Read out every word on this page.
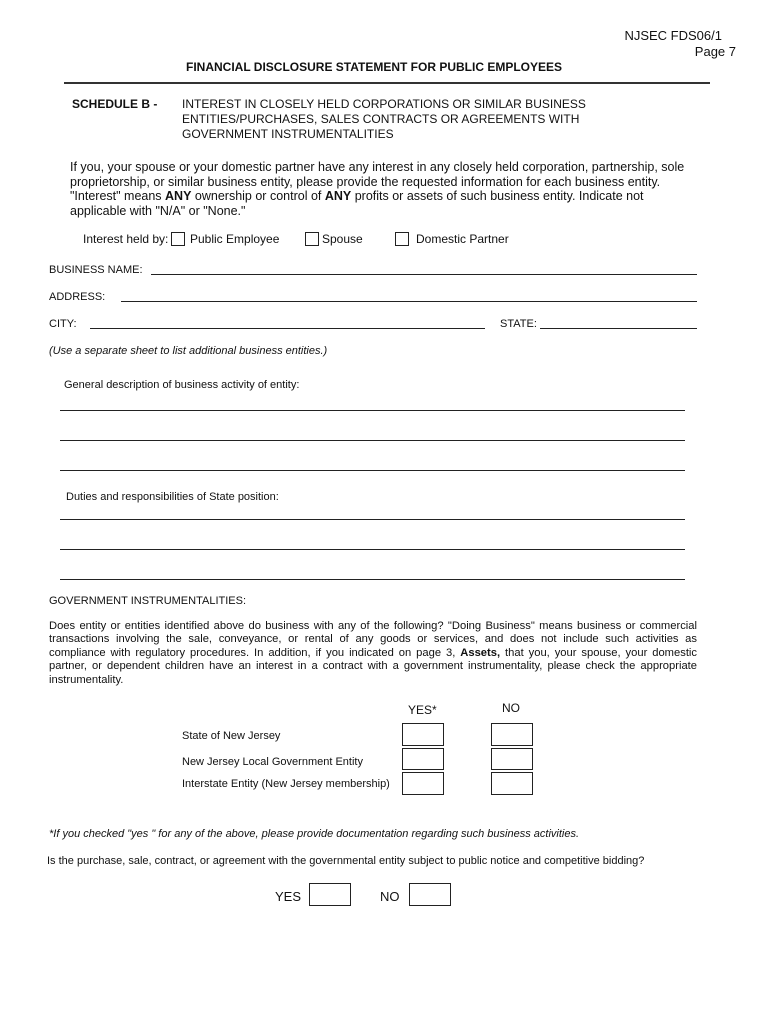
NJSEC FDS06/1
Page 7
FINANCIAL DISCLOSURE STATEMENT FOR PUBLIC EMPLOYEES
SCHEDULE B - INTEREST IN CLOSELY HELD CORPORATIONS OR SIMILAR BUSINESS
ENTITIES/PURCHASES, SALES CONTRACTS OR AGREEMENTS WITH
GOVERNMENT INSTRUMENTALITIES
If you, your spouse or your domestic partner have any interest in any closely held corporation, partnership, sole
proprietorship, or similar business entity, please provide the requested information for each business entity.
"Interest" means ANY ownership or control of ANY profits or assets of such business entity. Indicate not
applicable with "N/A" or "None."
Interest held by: Public Employee	Spouse	Domestic Partner
BUSINESS NAME:
ADDRESS:
CITY:	STATE:
(Use a separate sheet to list additional business entities.)
General description of business activity of entity:
Duties and responsibilities of State position:
GOVERNMENT INSTRUMENTALITIES:
Does entity or entities identified above do business with any of the following? "Doing Business" means business or commercial
transactions involving the sale, conveyance, or rental of any goods or services, and does not include such activities as
compliance with regulatory procedures. In addition, if you indicated on page 3, Assets, that you, your spouse, your domestic
partner, or dependent children have an interest in a contract with a government instrumentality, please check the appropriate
instrumentality.
YES*	NO
State of New Jersey
New Jersey Local Government Entity
Interstate Entity (New Jersey membership)
*If you checked "yes " for any of the above, please provide documentation regarding such business activities.
Is the purchase, sale, contract, or agreement with the governmental entity subject to public notice and competitive bidding?
YES	NO
